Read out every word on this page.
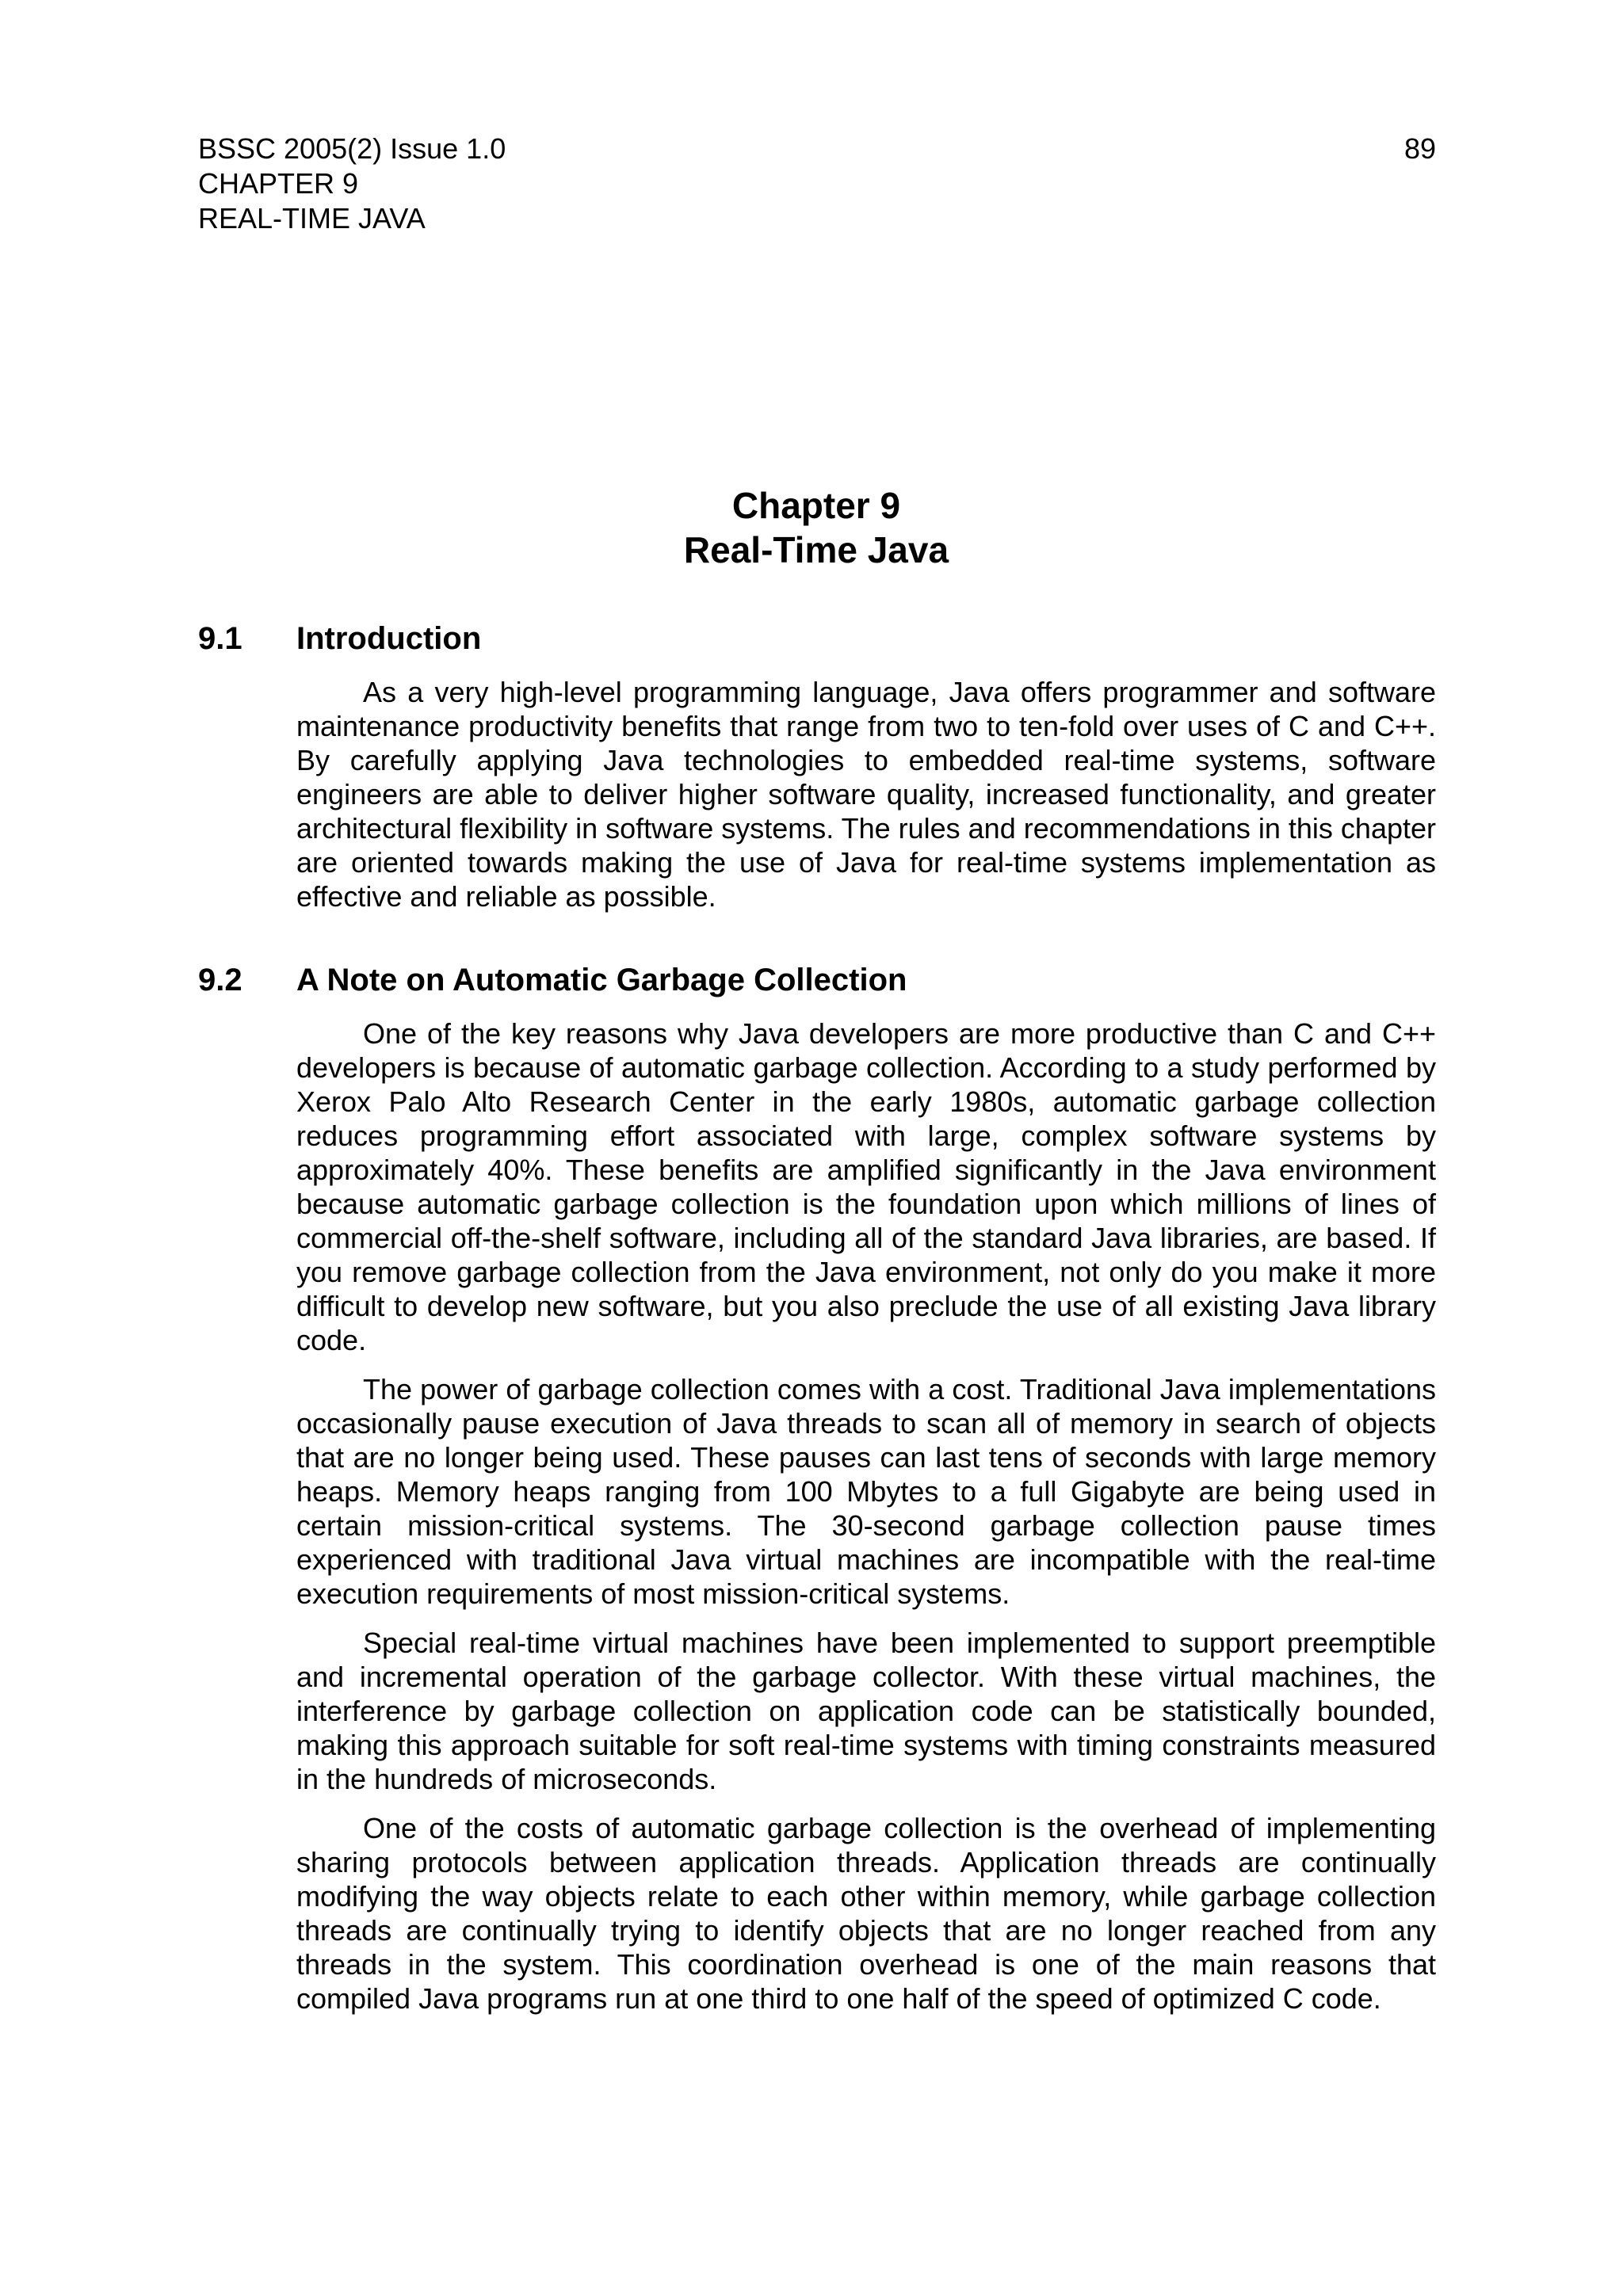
BSSC 2005(2) Issue 1.0
CHAPTER 9
REAL-TIME JAVA
89
Chapter 9
Real-Time Java
9.1 Introduction

As a very high-level programming language, Java offers programmer and software maintenance productivity benefits that range from two to ten-fold over uses of C and C++. By carefully applying Java technologies to embedded real-time systems, software engineers are able to deliver higher software quality, increased functionality, and greater architectural flexibility in software systems. The rules and recommendations in this chapter are oriented towards making the use of Java for real-time systems implementation as effective and reliable as possible.

9.2 A Note on Automatic Garbage Collection

One of the key reasons why Java developers are more productive than C and C++ developers is because of automatic garbage collection. According to a study performed by Xerox Palo Alto Research Center in the early 1980s, automatic garbage collection reduces programming effort associated with large, complex software systems by approximately 40%. These benefits are amplified significantly in the Java environment because automatic garbage collection is the foundation upon which millions of lines of commercial off-the-shelf software, including all of the standard Java libraries, are based. If you remove garbage collection from the Java environment, not only do you make it more difficult to develop new software, but you also preclude the use of all existing Java library code.

The power of garbage collection comes with a cost. Traditional Java implementations occasionally pause execution of Java threads to scan all of memory in search of objects that are no longer being used. These pauses can last tens of seconds with large memory heaps. Memory heaps ranging from 100 Mbytes to a full Gigabyte are being used in certain mission-critical systems. The 30-second garbage collection pause times experienced with traditional Java virtual machines are incompatible with the real-time execution requirements of most mission-critical systems.

Special real-time virtual machines have been implemented to support preemptible and incremental operation of the garbage collector. With these virtual machines, the interference by garbage collection on application code can be statistically bounded, making this approach suitable for soft real-time systems with timing constraints measured in the hundreds of microseconds.

One of the costs of automatic garbage collection is the overhead of implementing sharing protocols between application threads. Application threads are continually modifying the way objects relate to each other within memory, while garbage collection threads are continually trying to identify objects that are no longer reached from any threads in the system. This coordination overhead is one of the main reasons that compiled Java programs run at one third to one half of the speed of optimized C code.
